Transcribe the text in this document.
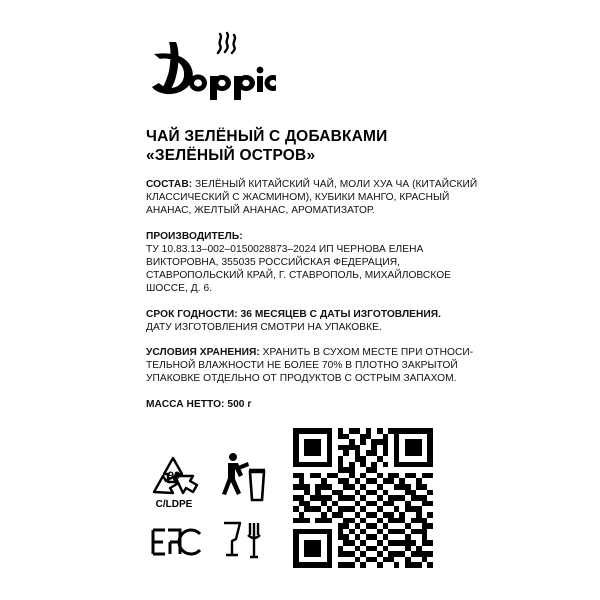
ЧАЙ ЗЕЛЁНЫЙ С ДОБАВКАМИ
«ЗЕЛЁНЫЙ ОСТРОВ»
СОСТАВ: ЗЕЛЁНЫЙ КИТАЙСКИЙ ЧАЙ, МОЛИ ХУА ЧА (КИТАЙСКИЙ КЛАССИЧЕСКИЙ С ЖАСМИНОМ), КУБИКИ МАНГО, КРАСНЫЙ АНАНАС, ЖЕЛТЫЙ АНАНАС, АРОМАТИЗАТОР.
ПРОИЗВОДИТЕЛЬ:
ТУ 10.83.13–002–0150028873–2024 ИП ЧЕРНОВА ЕЛЕНА ВИКТОРОВНА, 355035 РОССИЙСКАЯ ФЕДЕРАЦИЯ, СТАВРОПОЛЬСКИЙ КРАЙ, Г. СТАВРОПОЛЬ, МИХАЙЛОВСКОЕ ШОССЕ, Д. 6.
СРОК ГОДНОСТИ: 36 МЕСЯЦЕВ С ДАТЫ ИЗГОТОВЛЕНИЯ.
ДАТУ ИЗГОТОВЛЕНИЯ СМОТРИ НА УПАКОВКЕ.
УСЛОВИЯ ХРАНЕНИЯ: ХРАНИТЬ В СУХОМ МЕСТЕ ПРИ ОТНОСИ-ТЕЛЬНОЙ ВЛАЖНОСТИ НЕ БОЛЕЕ 70% В ПЛОТНО ЗАКРЫТОЙ УПАКОВКЕ ОТДЕЛЬНО ОТ ПРОДУКТОВ С ОСТРЫМ ЗАПАХОМ.
МАССА НЕТТО: 500 г
90
C/LDPE
